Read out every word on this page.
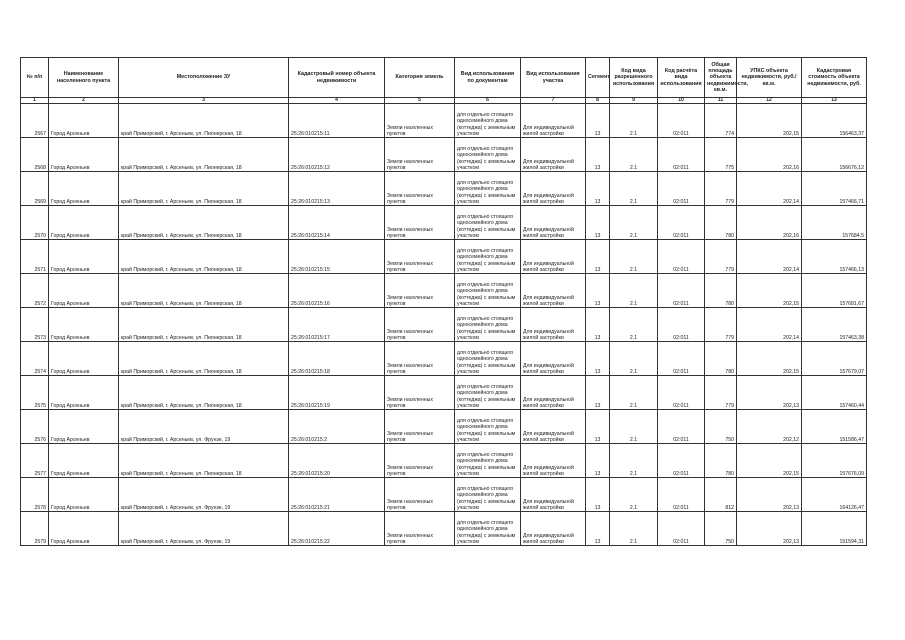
№ п/п	Наименование населенного пункта	Местоположение ЗУ	Кадастровый номер объекта недвижимости	Категория земель	Вид использования по документам	Вид использования участка	Сегмент	Код вида разрешенного использования	Код расчёта вида использования	Общая площадь объекта недвижимости, кв.м.	УПКС объекта недвижимости, руб./кв.м.	Кадастровая стоимость объекта недвижимости, руб.
1	2	3	4	5	6	7	8	9	10	11	12	13
2567	Город Арсеньев	край Приморский, г. Арсеньев, ул. Пионерская, 18	25:26:010215:11	Земли населенных пунктов	для отдельно стоящего односемейного дома (коттеджа) с земельным участком	Для индивидуальной жилой застройки	13	2.1	02:011	774	202,15	156463,37
2568	Город Арсеньев	край Приморский, г. Арсеньев, ул. Пионерская, 18	25:26:010215:12	Земли населенных пунктов	для отдельно стоящего односемейного дома (коттеджа) с земельным участком	Для индивидуальной жилой застройки	13	2.1	02:011	775	202,16	156676,12
2569	Город Арсеньев	край Приморский, г. Арсеньев, ул. Пионерская, 18	25:26:010215:13	Земли населенных пунктов	для отдельно стоящего односемейного дома (коттеджа) с земельным участком	Для индивидуальной жилой застройки	13	2.1	02:011	779	202,14	157466,71
2570	Город Арсеньев	край Приморский, г. Арсеньев, ул. Пионерская, 18	25:26:010215:14	Земли населенных пунктов	для отдельно стоящего односемейного дома (коттеджа) с земельным участком	Для индивидуальной жилой застройки	13	2.1	02:011	780	202,16	157684,5
2571	Город Арсеньев	край Приморский, г. Арсеньев, ул. Пионерская, 18	25:26:010215:15	Земли населенных пунктов	для отдельно стоящего односемейного дома (коттеджа) с земельным участком	Для индивидуальной жилой застройки	13	2.1	02:011	779	202,14	157466,13
2572	Город Арсеньев	край Приморский, г. Арсеньев, ул. Пионерская, 18	25:26:010215:16	Земли населенных пунктов	для отдельно стоящего односемейного дома (коттеджа) с земельным участком	Для индивидуальной жилой застройки	13	2.1	02:011	780	202,15	157681,67
2573	Город Арсеньев	край Приморский, г. Арсеньев, ул. Пионерская, 18	25:26:010215:17	Земли населенных пунктов	для отдельно стоящего односемейного дома (коттеджа) с земельным участком	Для индивидуальной жилой застройки	13	2.1	02:011	779	202,14	157463,38
2574	Город Арсеньев	край Приморский, г. Арсеньев, ул. Пионерская, 18	25:26:010215:18	Земли населенных пунктов	для отдельно стоящего односемейного дома (коттеджа) с земельным участком	Для индивидуальной жилой застройки	13	2.1	02:011	780	202,15	157679,07
2575	Город Арсеньев	край Приморский, г. Арсеньев, ул. Пионерская, 18	25:26:010215:19	Земли населенных пунктов	для отдельно стоящего односемейного дома (коттеджа) с земельным участком	Для индивидуальной жилой застройки	13	2.1	02:011	779	202,13	157460,44
2576	Город Арсеньев	край Приморский, г. Арсеньев, ул. Фрунзе, 19	25:26:010215:2	Земли населенных пунктов	для отдельно стоящего односемейного дома (коттеджа) с земельным участком	Для индивидуальной жилой застройки	13	2.1	02:011	750	202,12	151586,47
2577	Город Арсеньев	край Приморский, г. Арсеньев, ул. Пионерская, 18	25:26:010215:20	Земли населенных пунктов	для отдельно стоящего односемейного дома (коттеджа) с земельным участком	Для индивидуальной жилой застройки	13	2.1	02:011	780	202,15	157676,09
2578	Город Арсеньев	край Приморский, г. Арсеньев, ул. Фрунзе, 19	25:26:010215:21	Земли населенных пунктов	для отдельно стоящего односемейного дома (коттеджа) с земельным участком	Для индивидуальной жилой застройки	13	2.1	02:011	812	202,13	164126,47
2579	Город Арсеньев	край Приморский, г. Арсеньев, ул. Фрунзе, 19	25:26:010215:22	Земли населенных пунктов	для отдельно стоящего односемейного дома (коттеджа) с земельным участком	Для индивидуальной жилой застройки	13	2.1	02:011	750	202,13	151594,31
